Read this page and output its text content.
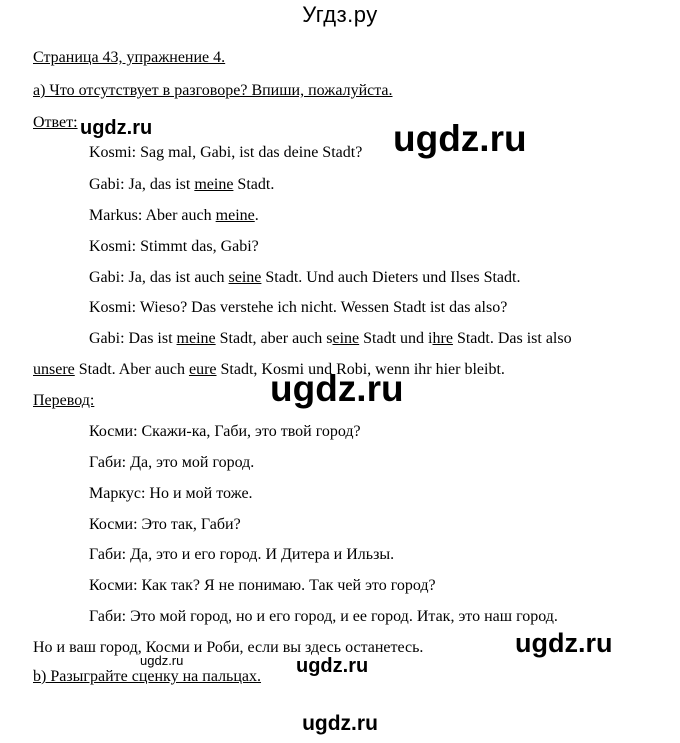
Угдз.ру
Страница 43, упражнение 4.
a) Что отсутствует в разговоре? Впиши, пожалуйста.
Ответ:
Kosmi: Sag mal, Gabi, ist das deine Stadt?
Gabi: Ja, das ist meine Stadt.
Markus: Aber auch meine.
Kosmi: Stimmt das, Gabi?
Gabi: Ja, das ist auch seine Stadt. Und auch Dieters und Ilses Stadt.
Kosmi: Wieso? Das verstehe ich nicht. Wessen Stadt ist das also?
Gabi: Das ist meine Stadt, aber auch seine Stadt und ihre Stadt. Das ist also
unsere Stadt. Aber auch eure Stadt, Kosmi und Robi, wenn ihr hier bleibt.
Перевод:
Косми: Скажи-ка, Габи, это твой город?
Габи: Да, это мой город.
Маркус: Но и мой тоже.
Косми: Это так, Габи?
Габи: Да, это и его город. И Дитера и Ильзы.
Косми: Как так? Я не понимаю. Так чей это город?
Габи: Это мой город, но и его город, и ее город. Итак, это наш город.
Но и ваш город, Косми и Роби, если вы здесь останетесь.
b) Разыграйте сценку на пальцах.
ugdz.ru	ugdz.ru
ugdz.ru
ugdz.ru
ugdz.ru	ugdz.ru
ugdz.ru
